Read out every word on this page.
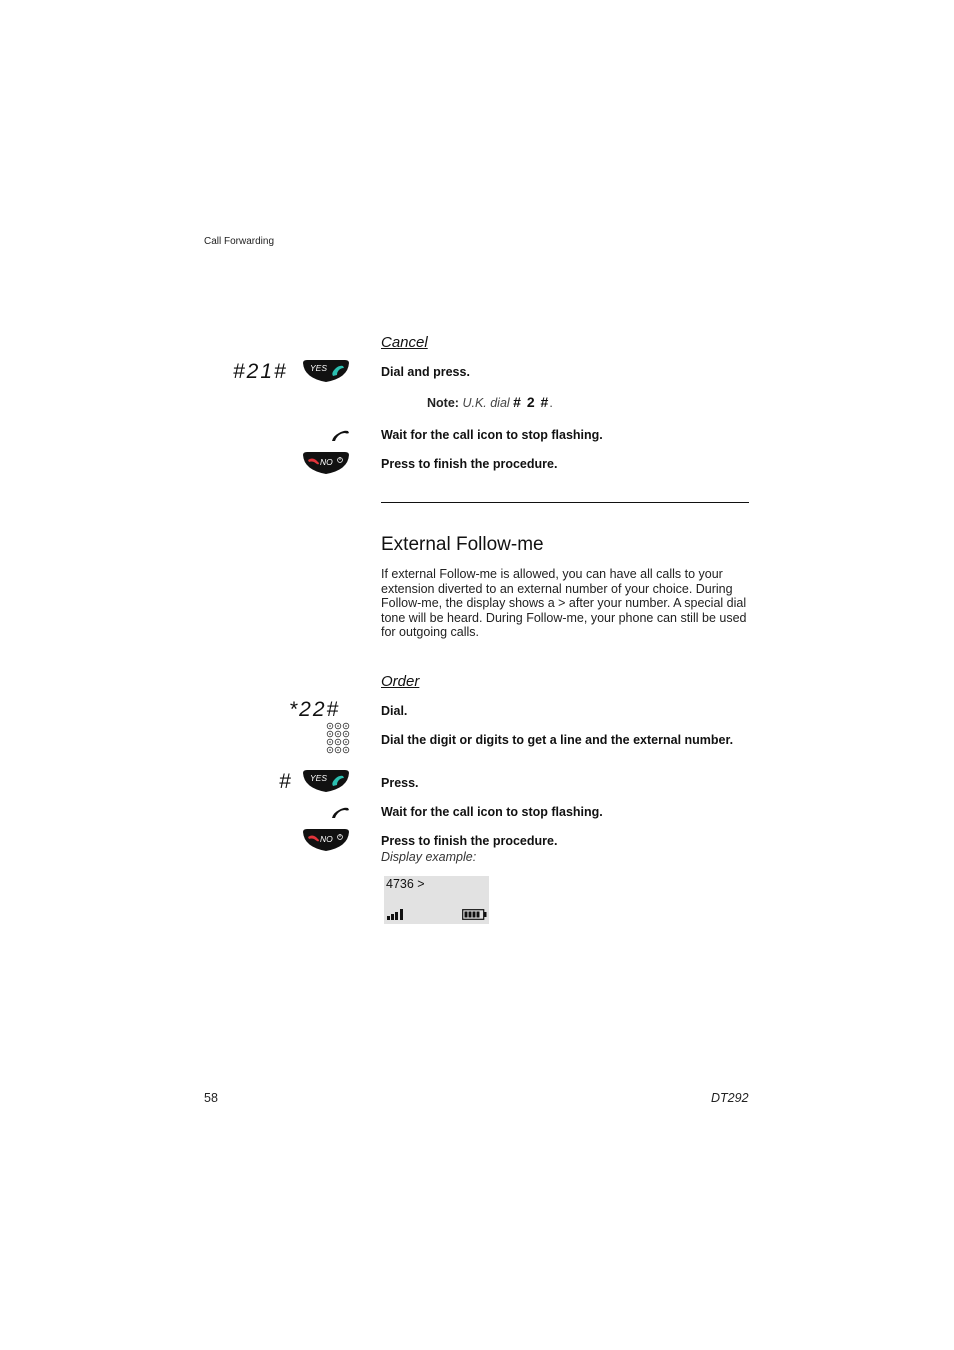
Call Forwarding
Cancel
#21#	YES	Dial and press.
Note: U.K. dial # 2 #.
Wait for the call icon to stop flashing.
NO	Press to finish the procedure.
External Follow-me
If external Follow-me is allowed, you can have all calls to your extension diverted to an external number of your choice. During Follow-me, the display shows a > after your number. A special dial tone will be heard. During Follow-me, your phone can still be used for outgoing calls.
Order
*22#	Dial.
Dial the digit or digits to get a line and the external number.
# YES	Press.
Wait for the call icon to stop flashing.
NO	Press to finish the procedure.
Display example:
4736 >
58	DT292
